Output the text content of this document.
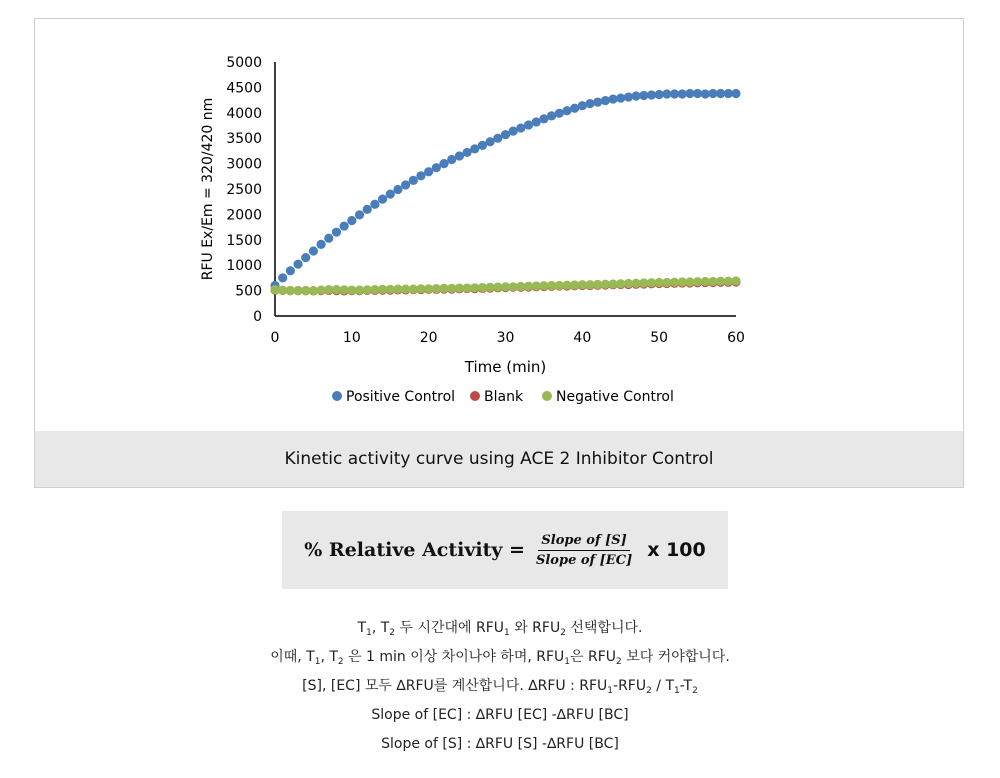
0
500
1000
1500
2000
2500
3000
3500
4000
4500
5000
0	10	20	30	40	50	60
Time (min)
RFU Ex/Em = 320/420 nm
Positive Control Blank Negative Control
Kinetic activity curve using ACE 2 Inhibitor Control
% Relative Activity = $\frac{\text{Slope of [S]}}{\text{Slope of [EC]}}$ x 100
$T_1$, $T_2$ 두 시간대에 $RFU_1$ 와 $RFU_2$ 선택합니다.
이때, $T_1$, $T_2$ 은 1 min 이상 차이나야 하며, $RFU_1$은 $RFU_2$ 보다 커야합니다.
[S], [EC] 모두 ∆RFU를 계산합니다. ∆RFU : $RFU_1-RFU_2 / T_1-T_2$
Slope of [EC] : ∆RFU [EC] -∆RFU [BC]
Slope of [S] : ∆RFU [S] -∆RFU [BC]
